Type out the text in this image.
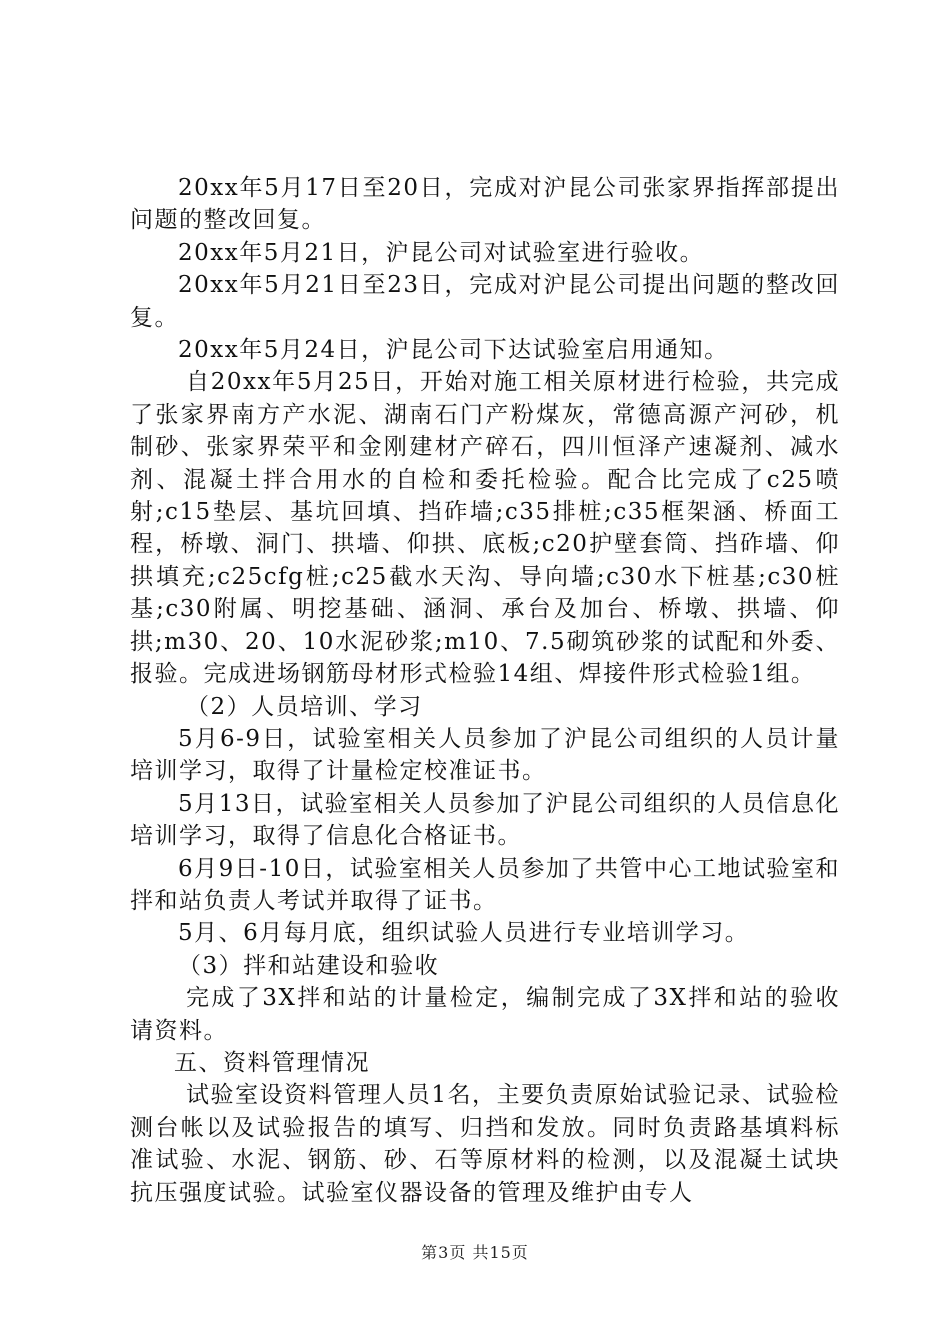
20xx年5月17日至20日，完成对沪昆公司张家界指挥部提出问题的整改回复。

20xx年5月21日，沪昆公司对试验室进行验收。

20xx年5月21日至23日，完成对沪昆公司提出问题的整改回复。

20xx年5月24日，沪昆公司下达试验室启用通知。

自20xx年5月25日，开始对施工相关原材进行检验，共完成了张家界南方产水泥、湖南石门产粉煤灰，常德高源产河砂，机制砂、张家界荣平和金刚建材产碎石，四川恒泽产速凝剂、减水剂、混凝土拌合用水的自检和委托检验。配合比完成了c25喷射;c15垫层、基坑回填、挡砟墙;c35排桩;c35框架涵、桥面工程，桥墩、洞门、拱墙、仰拱、底板;c20护壁套筒、挡砟墙、仰拱填充;c25cfg桩;c25截水天沟、导向墙;c30水下桩基;c30桩基;c30附属、明挖基础、涵洞、承台及加台、桥墩、拱墙、仰拱;m30、20、10水泥砂浆;m10、7.5砌筑砂浆的试配和外委、报验。完成进场钢筋母材形式检验14组、焊接件形式检验1组。

（2）人员培训、学习

5月6-9日，试验室相关人员参加了沪昆公司组织的人员计量培训学习，取得了计量检定校准证书。

5月13日，试验室相关人员参加了沪昆公司组织的人员信息化培训学习，取得了信息化合格证书。

6月9日-10日，试验室相关人员参加了共管中心工地试验室和拌和站负责人考试并取得了证书。

5月、6月每月底，组织试验人员进行专业培训学习。

（3）拌和站建设和验收

完成了3X拌和站的计量检定，编制完成了3X拌和站的验收请资料。

五、资料管理情况

试验室设资料管理人员1名，主要负责原始试验记录、试验检测台帐以及试验报告的填写、归挡和发放。同时负责路基填料标准试验、水泥、钢筋、砂、石等原材料的检测，以及混凝土试块抗压强度试验。试验室仪器设备的管理及维护由专人

第3页 共15页
